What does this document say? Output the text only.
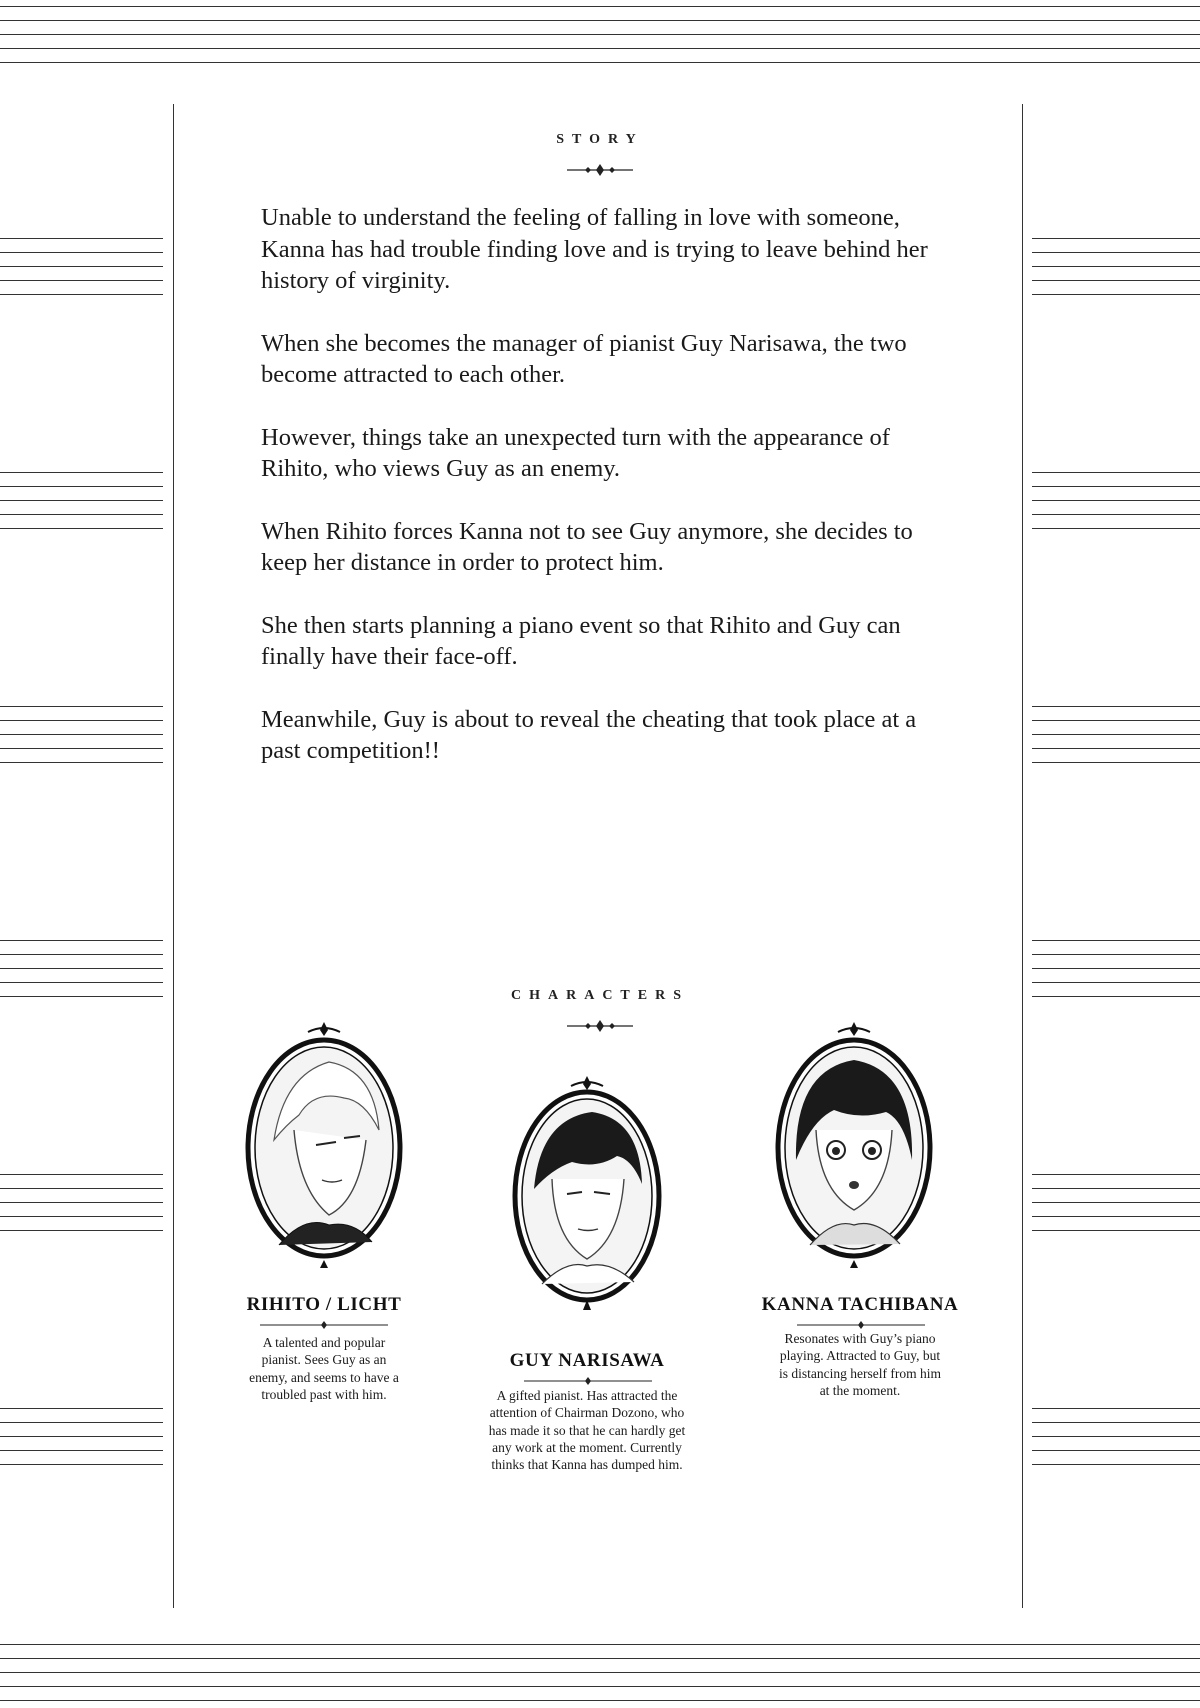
STORY

Unable to understand the feeling of falling in love with someone, Kanna has had trouble finding love and is trying to leave behind her history of virginity.

When she becomes the manager of pianist Guy Narisawa, the two become attracted to each other.

However, things take an unexpected turn with the appearance of Rihito, who views Guy as an enemy.

When Rihito forces Kanna not to see Guy anymore, she decides to keep her distance in order to protect him.

She then starts planning a piano event so that Rihito and Guy can finally have their face-off.

Meanwhile, Guy is about to reveal the cheating that took place at a past competition!!

CHARACTERS
RIHITO / LICHT
A talented and popular pianist. Sees Guy as an enemy, and seems to have a troubled past with him.
GUY NARISAWA
A gifted pianist. Has attracted the attention of Chairman Dozono, who has made it so that he can hardly get any work at the moment. Currently thinks that Kanna has dumped him.
KANNA TACHIBANA
Resonates with Guy’s piano playing. Attracted to Guy, but is distancing herself from him at the moment.
